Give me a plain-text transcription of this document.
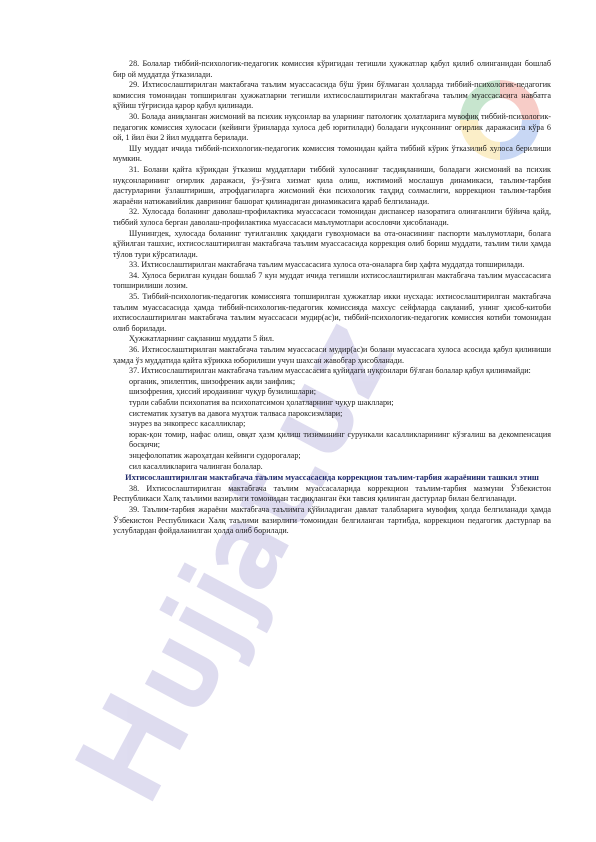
28. Болалар тиббий-психологик-педагогик комиссия кўригидан тегишли ҳужжатлар қабул қилиб олинганидан бошлаб бир ой муддатда ўтказилади.

29. Ихтисослаштирилган мактабгача таълим муассасасида бўш ўрин бўлмаган ҳолларда тиббий-психологик-педагогик комиссия томонидан топширилган ҳужжатларни тегишли ихтисослаштирилган мактабгача таълим муассасасига навбатга қўйиш тўғрисида қарор қабул қилинади.

30. Болада аниқланган жисмоний ва психик нуқсонлар ва уларнинг патологик ҳолатларига мувофиқ тиббий-психологик-педагогик комиссия хулосаси (кейинги ўринларда хулоса деб юритилади) боладаги нуқсоннинг оғирлик даражасига кўра 6 ой, 1 йил ёки 2 йил муддатга берилади.

Шу муддат ичида тиббий-психологик-педагогик комиссия томонидан қайта тиббий кўрик ўтказилиб хулоса берилиши мумкин.

31. Болани қайта кўрикдан ўтказиш муддатлари тиббий хулосанинг тасдиқланиши, боладаги жисмоний ва психик нуқсонларининг оғирлик даражаси, ўз-ўзига хизмат қила олиш, ижтимоий мослашув динамикаси, таълим-тарбия дастурларини ўзлаштириши, атрофдагиларга жисмоний ёки психологик таҳдид солмаслиги, коррекцион таълим-тарбия жараёни натижавийлик даврининг башорат қилинадиган динамикасига қараб белгиланади.

32. Хулосада боланинг даволаш-профилактика муассасаси томонидан диспансер назоратига олинганлиги бўйича қайд, тиббий хулоса берган даволаш-профилактика муассасаси маълумотлари асословчи ҳисобланади.

Шунингдек, хулосада боланинг туғилганлик ҳақидаги гувоҳномаси ва ота-онасининг паспорти маълумотлари, болага қўйилган ташхис, ихтисослаштирилган мактабгача таълим муассасасида коррекция олиб бориш муддати, таълим тили ҳамда тўлов тури кўрсатилади.

33. Ихтисослаштирилган мактабгача таълим муассасасига хулоса ота-оналарга бир ҳафта муддатда топширилади.

34. Хулоса берилган кундан бошлаб 7 кун муддат ичида тегишли ихтисослаштирилган мактабгача таълим муассасасига топширилиши лозим.

35. Тиббий-психологик-педагогик комиссияга топширилган ҳужжатлар икки нусхада: ихтисослаштирилган мактабгача таълим муассасасида ҳамда тиббий-психологик-педагогик комиссияда махсус сейфларда сақланиб, унинг ҳисоб-китоби ихтисослаштирилган мактабгача таълим муассасаси мудир(ас)и, тиббий-психологик-педагогик комиссия котиби томонидан олиб борилади.

Ҳужжатларнинг сақланиш муддати 5 йил.

36. Ихтисослаштирилган мактабгача таълим муассасаси мудир(ас)и болани муассасага хулоса асосида қабул қилиниши ҳамда ўз муддатида қайта кўрикка юборилиши учун шахсан жавобгар ҳисобланади.

37. Ихтисослаштирилган мактабгача таълим муассасасига қуйидаги нуқсонлари бўлган болалар қабул қилинмайди:

органик, эпилептик, шизофреник ақли заифлик;

шизофрения, ҳиссий иродаининг чуқур бузилишлари;

турли сабабли психопатия ва психопатсимон ҳолатларнинг чуқур шакллари;

систематик хузатув ва давога муҳтож талваса пароксизмлари;

энурез ва энкопресс касалликлар;

юрак-қон томир, нафас олиш, овқат ҳазм қилиш тизимининг сурункали касалликларининг кўзғалиш ва декомпенсация босқичи;

энцефолопатик жароҳатдан кейинги судорогалар;

сил касалликларига чалинган болалар.

Ихтисослаштирилган мактабгача таълим муассасасида коррекцион таълим-тарбия жараёнини ташкил этиш

38. Ихтисослаштирилган мактабгача таълим муассасаларида коррекцион таълим-тарбия мазмуни Ўзбекистон Республикаси Халқ таълими вазирлиги томонидан тасдиқланган ёки тавсия қилинган дастурлар билан белгиланади.

39. Таълим-тарбия жараёни мактабгача таълимга қўйиладиган давлат талабларига мувофиқ ҳолда белгиланади ҳамда Ўзбекистон Республикаси Халқ таълими вазирлиги томонидан белгиланган тартибда, коррекцион педагогик дастурлар ва услублардан фойдаланилган ҳолда олиб борилади.
